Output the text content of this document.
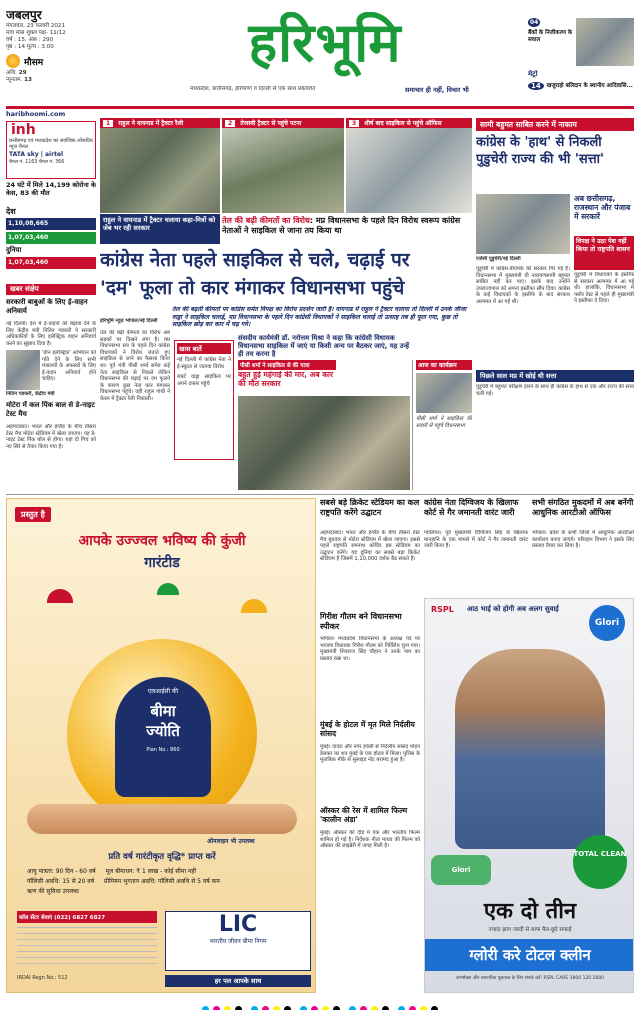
जबलपुर
मंगलवार, 23 फरवरी 2021
माघ मास शुक्ल पक्ष- 11/12
वर्ष : 15, अंक : 290
पृष्ठ : 14 मूल्य : 3.00
मौसम
अधि. 29
न्यूनतम. 13
हरिभूमि
मध्यप्रदेश, छत्तीसगढ़, हरियाणा व दिल्ली से एक साथ प्रकाशित	समाचार ही नहीं, विचार भी
04
बैंकों के निजीकरण के सवाल
मेट्रो
14	खजुराहो बलिदान के स्थानीय आदिवासि...
haribhoomi.com
inh
छत्तीसगढ़ एवं मध्यप्रदेश का सर्वाधिक लोकप्रिय न्यूज़ चैनल
TATA sky | airtel
चैनल नं. 1163 चैनल नं. 366
24 घंटे में मिले 14,199 कोरोना के केस, 83 की मौत
देश
1,10,08,665
1,07,03,460
दुनिया
1,07,03,460
खबर संक्षेप
सरकारी बाबुओं के लिए ई-वाहन अनिवार्य
नई दिल्ली। देश में ई-वाहनों को बढ़ावा देने के लिए केंद्रीय मंत्री नितिन गडकरी ने सरकारी अधिकारियों के लिए इलेक्ट्रिक वाहन अनिवार्य करने का सुझाव दिया है।
'ग्रीन इलेक्ट्रिक' अभियान को गति देने के लिए सभी मंत्रालयों के अफसरों के लिए ई-वाहन अनिवार्य होने चाहिए।
नितिन गडकरी, केंद्रीय मंत्री
मोटेरा में कल पिंक बाल से डे-नाइट टेस्ट मैच
अहमदाबाद। भारत और इंग्लैंड के बीच तीसरा टेस्ट मैच मोटेरा स्टेडियम में खेला जाएगा। यह डे-नाइट टेस्ट पिंक बॉल से होगा। यहां दो पिच को नए सिरे से तैयार किया गया है।
1 राहुल ने वायनाड में ट्रैक्टर रैली	2 तेजस्वी ट्रैक्टर से पहुंचे पटना	3 शीर्ष बाद साइकिल से पहुंचे ऑफिस
राहुल ने वायनाड में ट्रैक्टर चलाया कहा-मित्रों को जेब भर रही सरकार
तेल की बढ़ी कीमतों का विरोध: मप्र विधानसभा के पहले दिन विरोध स्वरूप कांग्रेस नेताओं ने साइकिल से जाना तय किया था
कांग्रेस नेता पहले साइकिल से चले, चढ़ाई पर
'दम' फूला तो कार मंगाकर विधानसभा पहुंचे
हरिभूमि न्यूज़ भोपाल/नई दिल्ली
तेल की बढ़ती कीमतों पर कांग्रेस समेत विपक्ष का विरोध प्रदर्शन जारी है। वायनाड में राहुल ने ट्रैक्टर चलाया तो दिल्ली में उनके जीजा वाड्रा ने साइकिल चलाई, मप्र विधानसभा के पहले दिन कांग्रेसी विधायकों ने साइकिल चलाई तो उत्साह तब ही फूल गया, कुछ तो साइकिल छोड़ कर कार में चढ़ गये।
तेल की बढ़ी कीमतों का विरोध अब सड़कों पर दिखने लगा है। मप्र विधानसभा सत्र के पहले दिन कांग्रेस विधायकों ने विरोध जताते हुए साइकिल से जाने का फैसला किया था। पूर्व मंत्री पीसी शर्मा समेत कई नेता साइकिल से निकले लेकिन विधानसभा की चढ़ाई पर दम फूलने के कारण कुछ नेता कार मंगाकर विधानसभा पहुंचे। वहीं राहुल गांधी ने केरल में ट्रैक्टर रैली निकाली।
खास बातें
नई दिल्ली में कांग्रेस नेता ने ई-स्कूटर से जताया विरोध
राबर्ट वाड्रा साइकिल पर अपने दफ्तर पहुंचे
संसदीय कार्यमंत्री डॉ. नरोत्तम मिश्रा ने कहा कि कांग्रेसी विधायक विधानसभा साइकिल में जाएं या किसी अन्य पर बैठकर जाएं, यह उन्हें ही तय करना है
पीसी शर्मा ने साइकिल से की यात्रा
बहुत हुई महंगाई की मार, अब कार की मौत सरकार
आज का कार्यक्रम
पीसी शर्मा ने साइकिल की सवारी से पहुंचे विधानसभा
सामी बहुमत साबित करने में नाकाम
कांग्रेस के 'हाथ' से निकली पुडुचेरी राज्य की भी 'सत्ता'
अब छत्तीसगढ़, राजस्थान और पंजाब में सरकारें
विपक्ष ने उठा पेश नहीं किया तो राष्ट्रपति शासन
एजेंसी पुडुचेरी/नई दिल्ली
पुडुचेरी में कांग्रेस-डीएमके की सरकार गिर गई है। विधानसभा में मुख्यमंत्री वी नारायणसामी बहुमत साबित नहीं कर पाए। इसके बाद उन्होंने उपराज्यपाल को अपना इस्तीफा सौंप दिया। कांग्रेस के कई विधायकों के इस्तीफे के बाद सरकार अल्पमत में आ गई थी।
पुडुचेरी में विधायकों के इस्तीफे से सरकार अल्पमत में आ गई थी। हालांकि, विधानसभा में फ्लोर टेस्ट से पहले ही मुख्यमंत्री ने इस्तीफा दे दिया।
पिछले साल मप्र में खोई थी सत्ता
पुडुचेरी में बहुमत परीक्षण हारने के साथ ही कांग्रेस के हाथ से एक और राज्य की सत्ता चली गई।
प्रस्तुत है
आपके उज्ज्वल भविष्य की कुंजी
गारंटीड
एलआईसी की
बीमा
ज्योति
Plan No.: 860
ऑनलाइन भी उपलब्ध
प्रति वर्ष गारंटीकृत वृद्धि* प्राप्त करें
आयु पात्रता: 90 दिन - 60 वर्ष मूल बीमाधन: ₹ 1 लाख - कोई सीमा नहीं
पॉलिसी अवधि: 15 से 20 वर्ष प्रीमियम भुगतान अवधि: पॉलिसी अवधि से 5 वर्ष कम
ऋण की सुविधा उपलब्ध
कॉल सेंटर सेवाएं (022) 6827 6827	LIC
भारतीय जीवन बीमा निगम
हर पल आपके साथ
IRDAI Regn No.: 512
सबसे बड़े क्रिकेट स्टेडियम का कल राष्ट्रपति करेंगे उद्घाटन
अहमदाबाद। भारत और इंग्लैंड के बीच तीसरा टेस्ट मैच बुधवार से मोटेरा स्टेडियम में खेला जाएगा। इससे पहले राष्ट्रपति रामनाथ कोविंद इस स्टेडियम का उद्घाटन करेंगे। यह दुनिया का सबसे बड़ा क्रिकेट स्टेडियम है जिसमें 1,10,000 दर्शक बैठ सकते हैं।
गिरीश गौतम बने विधानसभा स्पीकर
भोपाल। मध्यप्रदेश विधानसभा के अध्यक्ष पद पर भाजपा विधायक गिरीश गौतम को निर्विरोध चुना गया। मुख्यमंत्री शिवराज सिंह चौहान ने उनके नाम का प्रस्ताव रखा था।
मुंबई के होटल में मृत मिले निर्दलीय सांसद
मुंबई। दादरा और नगर हवेली से निर्दलीय सांसद मोहन डेलकर का शव मुंबई के एक होटल में मिला। पुलिस के मुताबिक मौके से सुसाइड नोट बरामद हुआ है।
ऑस्कर की रेस में शामिल फिल्म 'कालीन अंडा'
मुंबई। ऑस्कर की दौड़ में एक और भारतीय फिल्म शामिल हो गई है। निर्देशक नीता माधव की फिल्म को ऑस्कर की लाइब्रेरी में जगह मिली है।
कांग्रेस नेता दिग्विजय के खिलाफ कोर्ट से गैर जमानती वारंट जारी
ग्वालियर। पूर्व मुख्यमंत्री दिग्विजय सिंह के खिलाफ मानहानि के एक मामले में कोर्ट ने गैर जमानती वारंट जारी किया है।
सभी संगठित मुकदमों में अब बनेंगी आधुनिक आरटीओ ऑफिस
भोपाल। प्रदेश के सभी जिलों में आधुनिक आरटीओ कार्यालय बनाए जाएंगे। परिवहन विभाग ने इसके लिए प्रस्ताव तैयार कर लिया है।
RSPL आठ भाई को होगी अब अलग सुवाई
Glori
Glori
TOTAL CLEAN
एक दो तीन
ज्यादा झाग जल्दी से साफ मैल-छूटे सफाई
ग्लोरी करे टोटल क्लीन
उपभोक्ता और व्यापारिक पूछताछ के लिए संपर्क करें: RSPL CARE 1800 120 2000
